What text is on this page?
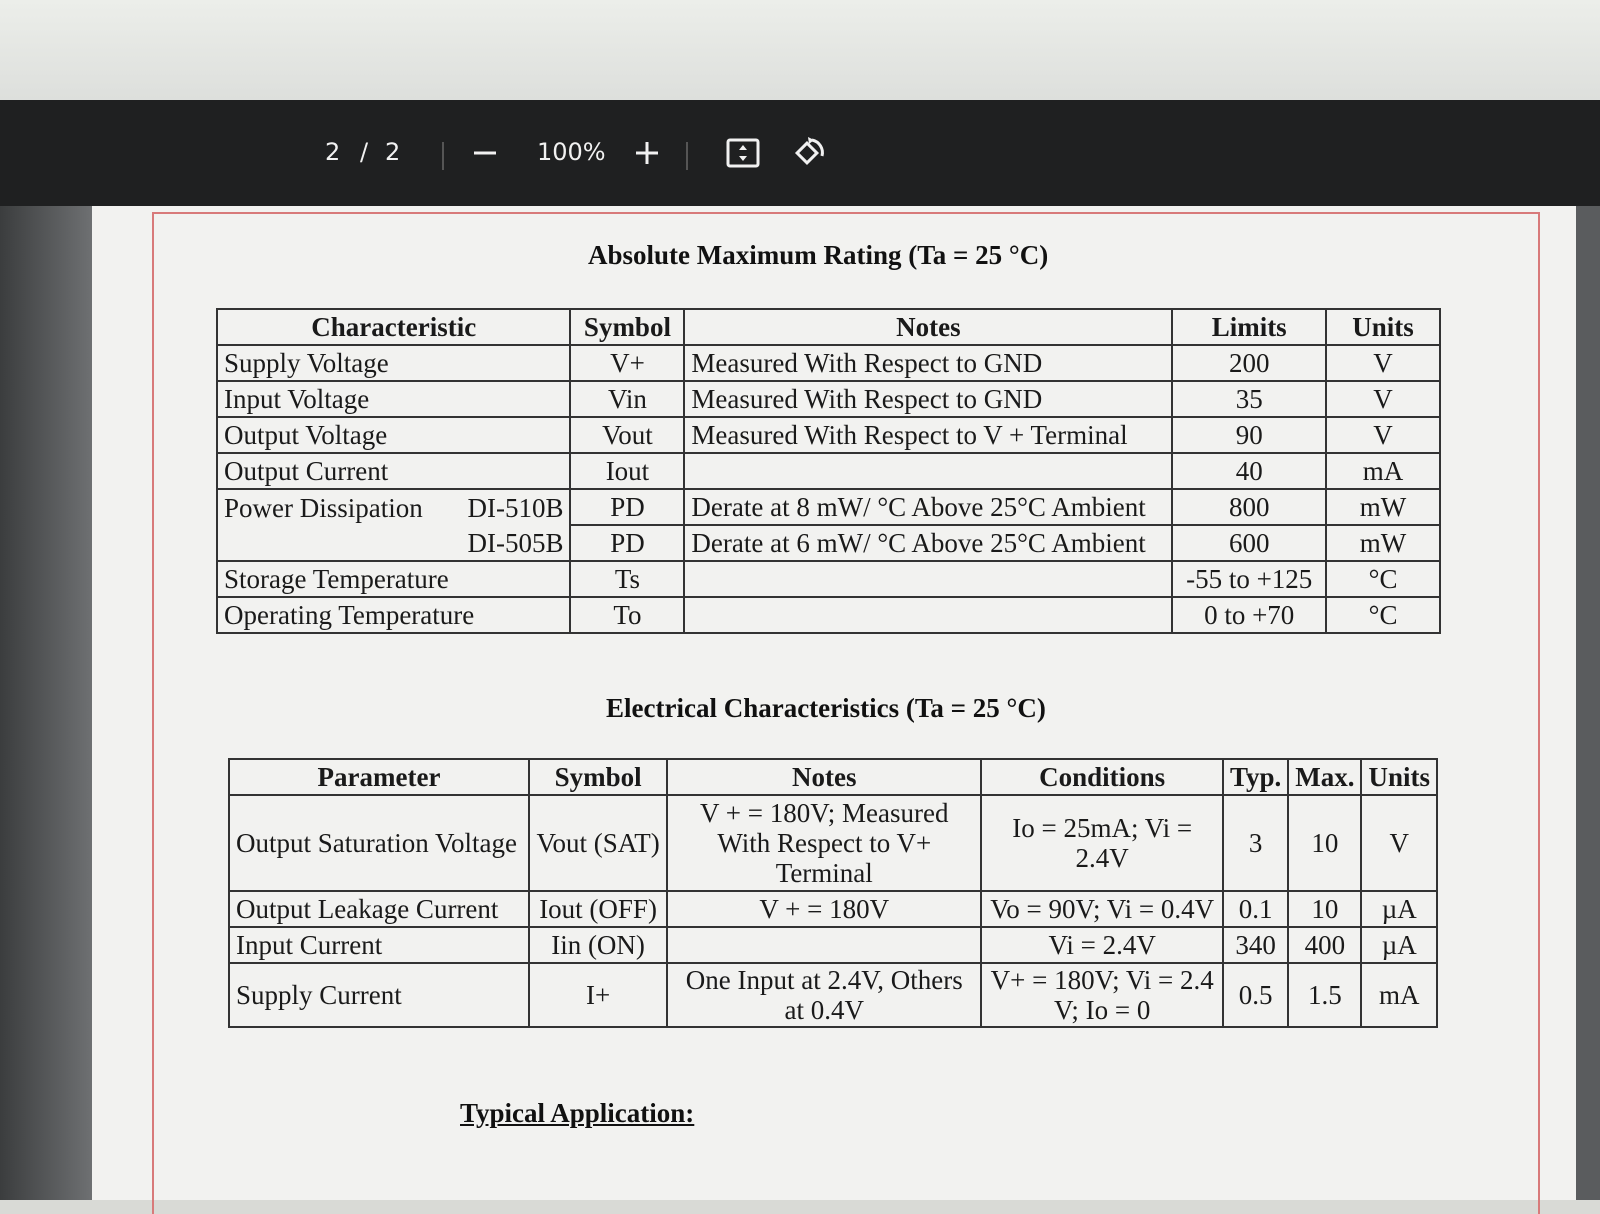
2 / 2	100%
Absolute Maximum Rating (Ta = 25 °C)
Characteristic	Symbol	Notes	Limits	Units
Supply Voltage	V+	Measured With Respect to GND	200	V
Input Voltage	Vin	Measured With Respect to GND	35	V
Output Voltage	Vout	Measured With Respect to V + Terminal	90	V
Output Current	Iout		40	mA
Power Dissipation DI-510B	PD	Derate at 8 mW/ °C Above 25°C Ambient	800	mW
DI-505B	PD	Derate at 6 mW/ °C Above 25°C Ambient	600	mW
Storage Temperature	Ts		-55 to +125	°C
Operating Temperature	To		0 to +70	°C
Electrical Characteristics (Ta = 25 °C)
Parameter	Symbol	Notes	Conditions	Typ.	Max.	Units
Output Saturation Voltage	Vout (SAT)	V + = 180V; Measured With Respect to V+ Terminal	Io = 25mA; Vi = 2.4V	3	10	V
Output Leakage Current	Iout (OFF)	V + = 180V	Vo = 90V; Vi = 0.4V	0.1	10	µA
Input Current	Iin (ON)		Vi = 2.4V	340	400	µA
Supply Current	I+	One Input at 2.4V, Others at 0.4V	V+ = 180V; Vi = 2.4 V; Io = 0	0.5	1.5	mA
Typical Application:
